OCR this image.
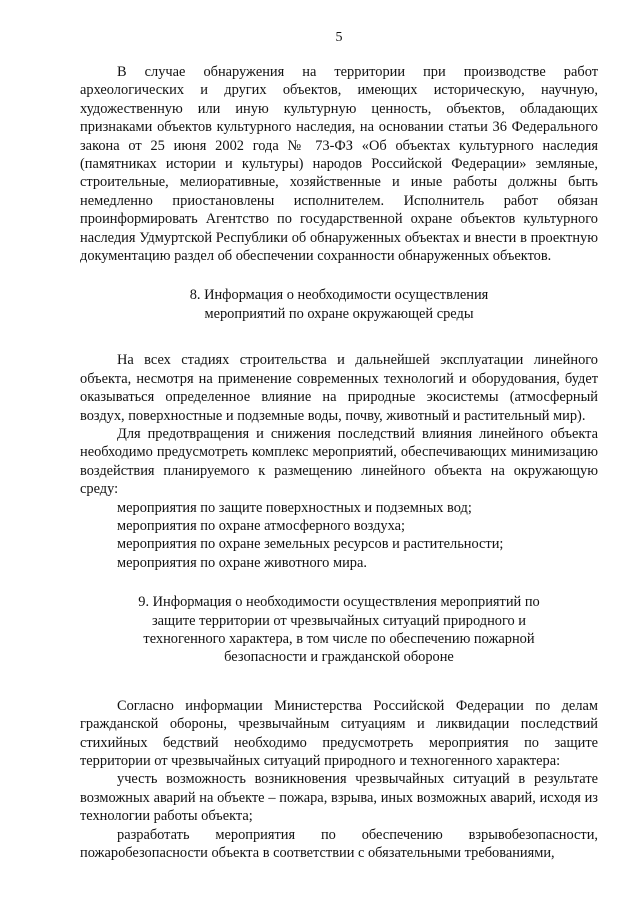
5

В случае обнаружения на территории при производстве работ археологических и других объектов, имеющих историческую, научную, художественную или иную культурную ценность, объектов, обладающих признаками объектов культурного наследия, на основании статьи 36 Федерального закона от 25 июня 2002 года № 73-ФЗ «Об объектах культурного наследия (памятниках истории и культуры) народов Российской Федерации» земляные, строительные, мелиоративные, хозяйственные и иные работы должны быть немедленно приостановлены исполнителем. Исполнитель работ обязан проинформировать Агентство по государственной охране объектов культурного наследия Удмуртской Республики об обнаруженных объектах и внести в проектную документацию раздел об обеспечении сохранности обнаруженных объектов.

8. Информация о необходимости осуществления
мероприятий по охране окружающей среды

На всех стадиях строительства и дальнейшей эксплуатации линейного объекта, несмотря на применение современных технологий и оборудования, будет оказываться определенное влияние на природные экосистемы (атмосферный воздух, поверхностные и подземные воды, почву, животный и растительный мир).

Для предотвращения и снижения последствий влияния линейного объекта необходимо предусмотреть комплекс мероприятий, обеспечивающих минимизацию воздействия планируемого к размещению линейного объекта на окружающую среду:

мероприятия по защите поверхностных и подземных вод;

мероприятия по охране атмосферного воздуха;

мероприятия по охране земельных ресурсов и растительности;

мероприятия по охране животного мира.

9. Информация о необходимости осуществления мероприятий по
защите территории от чрезвычайных ситуаций природного и
техногенного характера, в том числе по обеспечению пожарной
безопасности и гражданской обороне

Согласно информации Министерства Российской Федерации по делам гражданской обороны, чрезвычайным ситуациям и ликвидации последствий стихийных бедствий необходимо предусмотреть мероприятия по защите территории от чрезвычайных ситуаций природного и техногенного характера:

учесть возможность возникновения чрезвычайных ситуаций в результате возможных аварий на объекте – пожара, взрыва, иных возможных аварий, исходя из технологии работы объекта;

разработать мероприятия по обеспечению взрывобезопасности, пожаробезопасности объекта в соответствии с обязательными требованиями,
